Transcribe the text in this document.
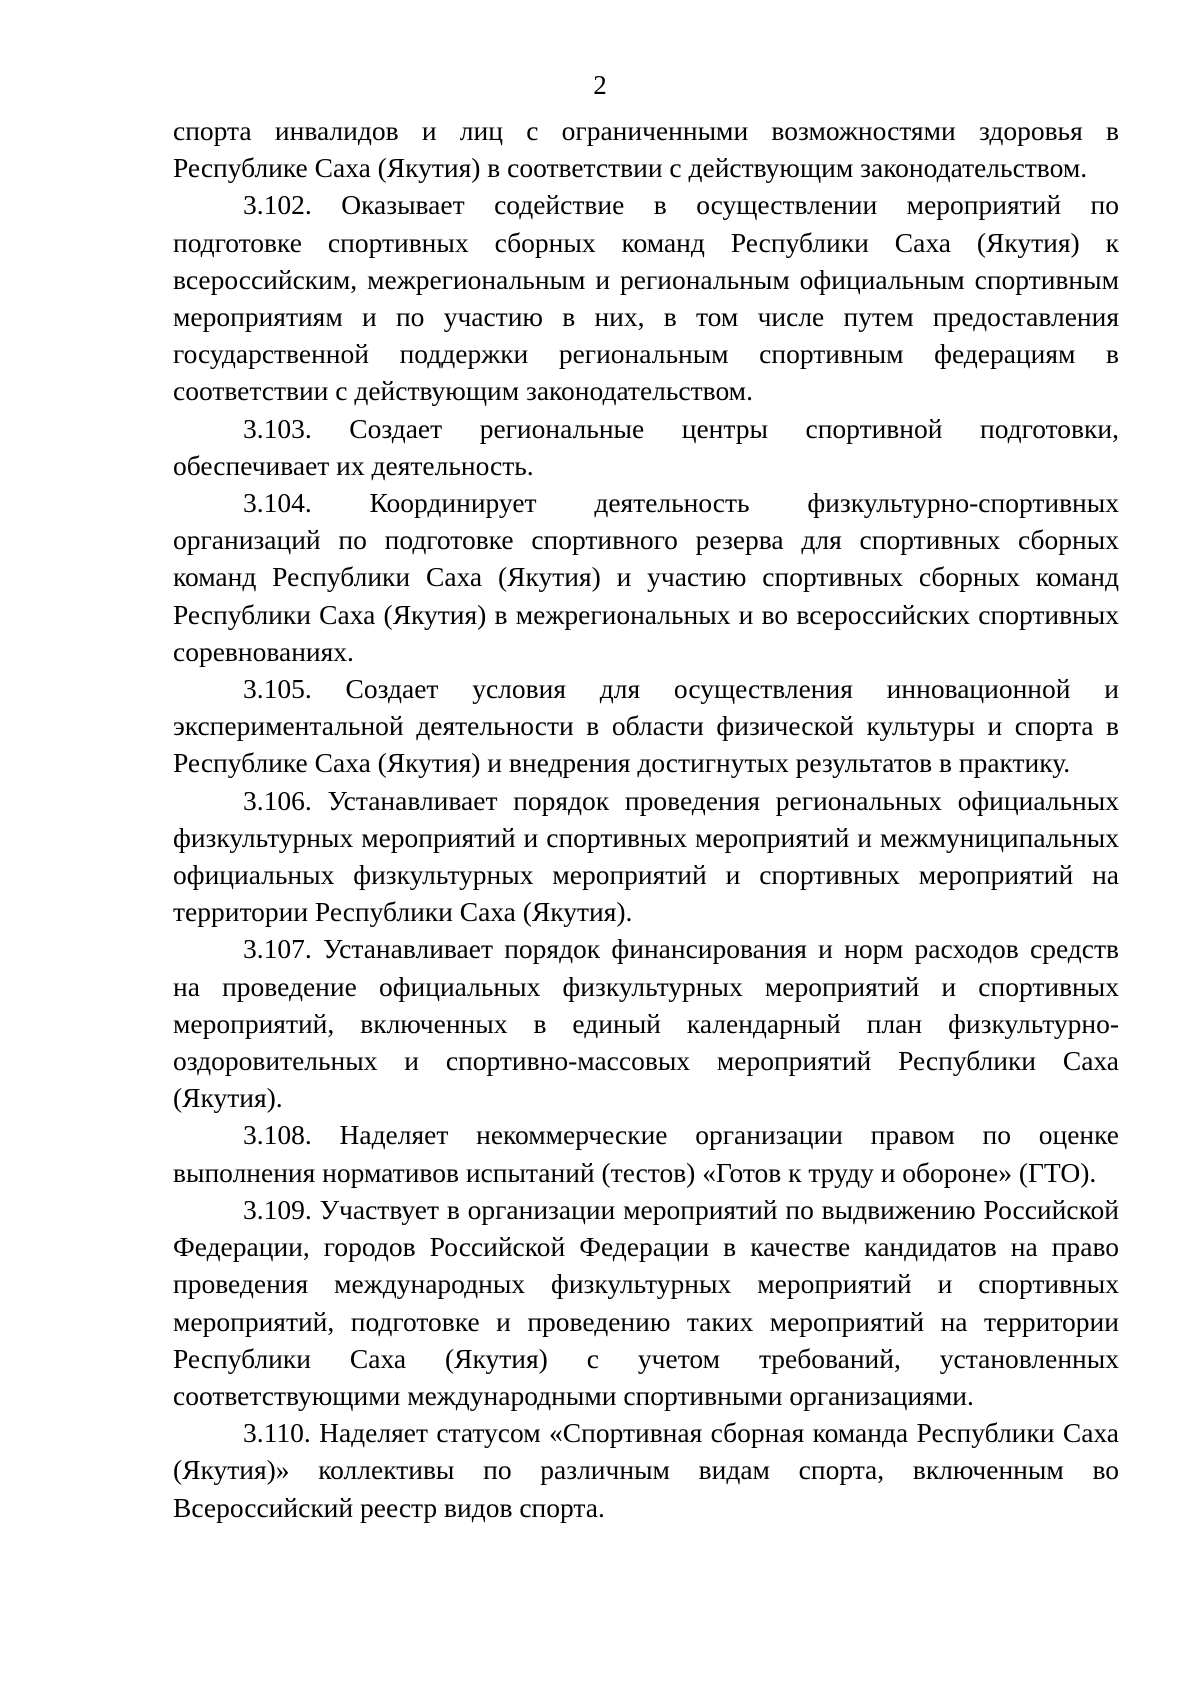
2

спорта инвалидов и лиц с ограниченными возможностями здоровья в Республике Саха (Якутия) в соответствии с действующим законодательством.

3.102. Оказывает содействие в осуществлении мероприятий по подготовке спортивных сборных команд Республики Саха (Якутия) к всероссийским, межрегиональным и региональным официальным спортивным мероприятиям и по участию в них, в том числе путем предоставления государственной поддержки региональным спортивным федерациям в соответствии с действующим законодательством.

3.103. Создает региональные центры спортивной подготовки, обеспечивает их деятельность.

3.104. Координирует деятельность физкультурно-спортивных организаций по подготовке спортивного резерва для спортивных сборных команд Республики Саха (Якутия) и участию спортивных сборных команд Республики Саха (Якутия) в межрегиональных и во всероссийских спортивных соревнованиях.

3.105. Создает условия для осуществления инновационной и экспериментальной деятельности в области физической культуры и спорта в Республике Саха (Якутия) и внедрения достигнутых результатов в практику.

3.106. Устанавливает порядок проведения региональных официальных физкультурных мероприятий и спортивных мероприятий и межмуниципальных официальных физкультурных мероприятий и спортивных мероприятий на территории Республики Саха (Якутия).

3.107. Устанавливает порядок финансирования и норм расходов средств на проведение официальных физкультурных мероприятий и спортивных мероприятий, включенных в единый календарный план физкультурно-оздоровительных и спортивно-массовых мероприятий Республики Саха (Якутия).

3.108. Наделяет некоммерческие организации правом по оценке выполнения нормативов испытаний (тестов) «Готов к труду и обороне» (ГТО).

3.109. Участвует в организации мероприятий по выдвижению Российской Федерации, городов Российской Федерации в качестве кандидатов на право проведения международных физкультурных мероприятий и спортивных мероприятий, подготовке и проведению таких мероприятий на территории Республики Саха (Якутия) с учетом требований, установленных соответствующими международными спортивными организациями.

3.110. Наделяет статусом «Спортивная сборная команда Республики Саха (Якутия)» коллективы по различным видам спорта, включенным во Всероссийский реестр видов спорта.
